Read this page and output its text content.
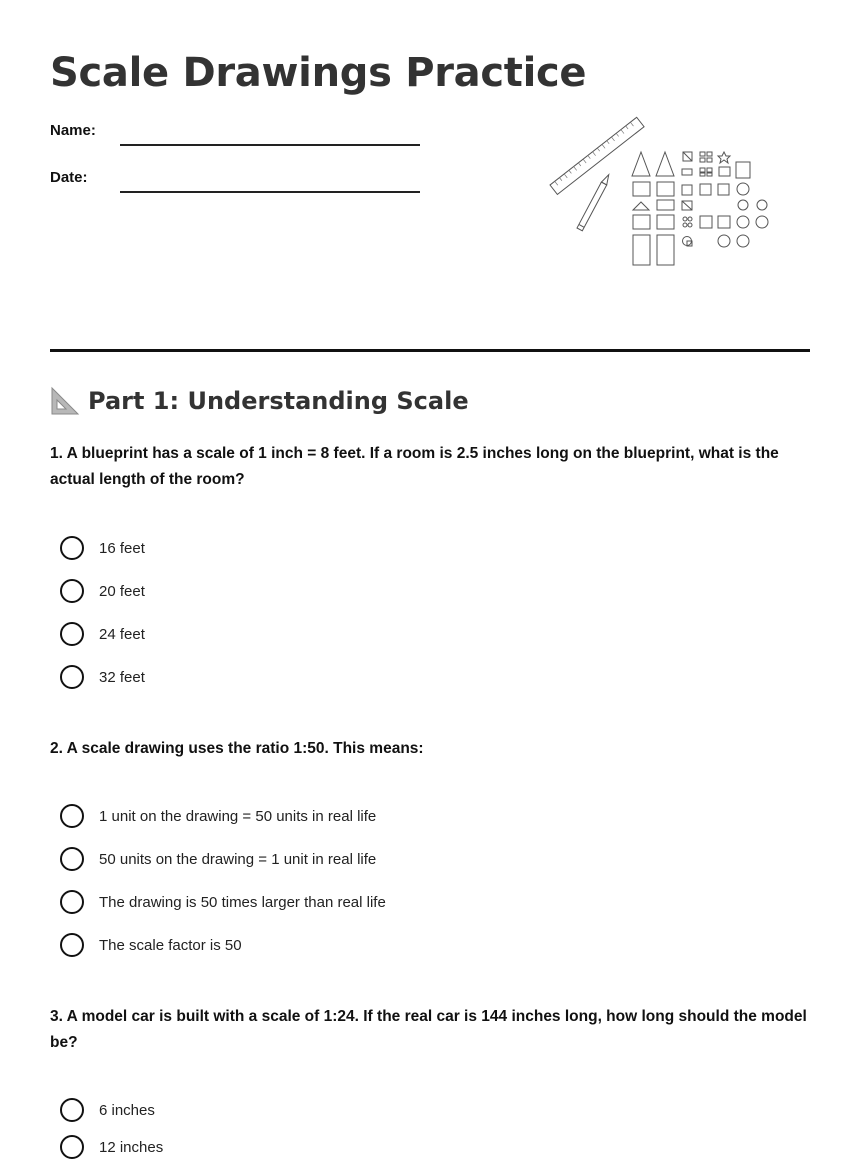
Scale Drawings Practice
Name:
Date:
Part 1: Understanding Scale

1. A blueprint has a scale of 1 inch = 8 feet. If a room is 2.5 inches long on the blueprint, what is the actual length of the room?

16 feet
20 feet
24 feet
32 feet

2. A scale drawing uses the ratio 1:50. This means:

1 unit on the drawing = 50 units in real life
50 units on the drawing = 1 unit in real life
The drawing is 50 times larger than real life
The scale factor is 50

3. A model car is built with a scale of 1:24. If the real car is 144 inches long, how long should the model be?

6 inches
12 inches
